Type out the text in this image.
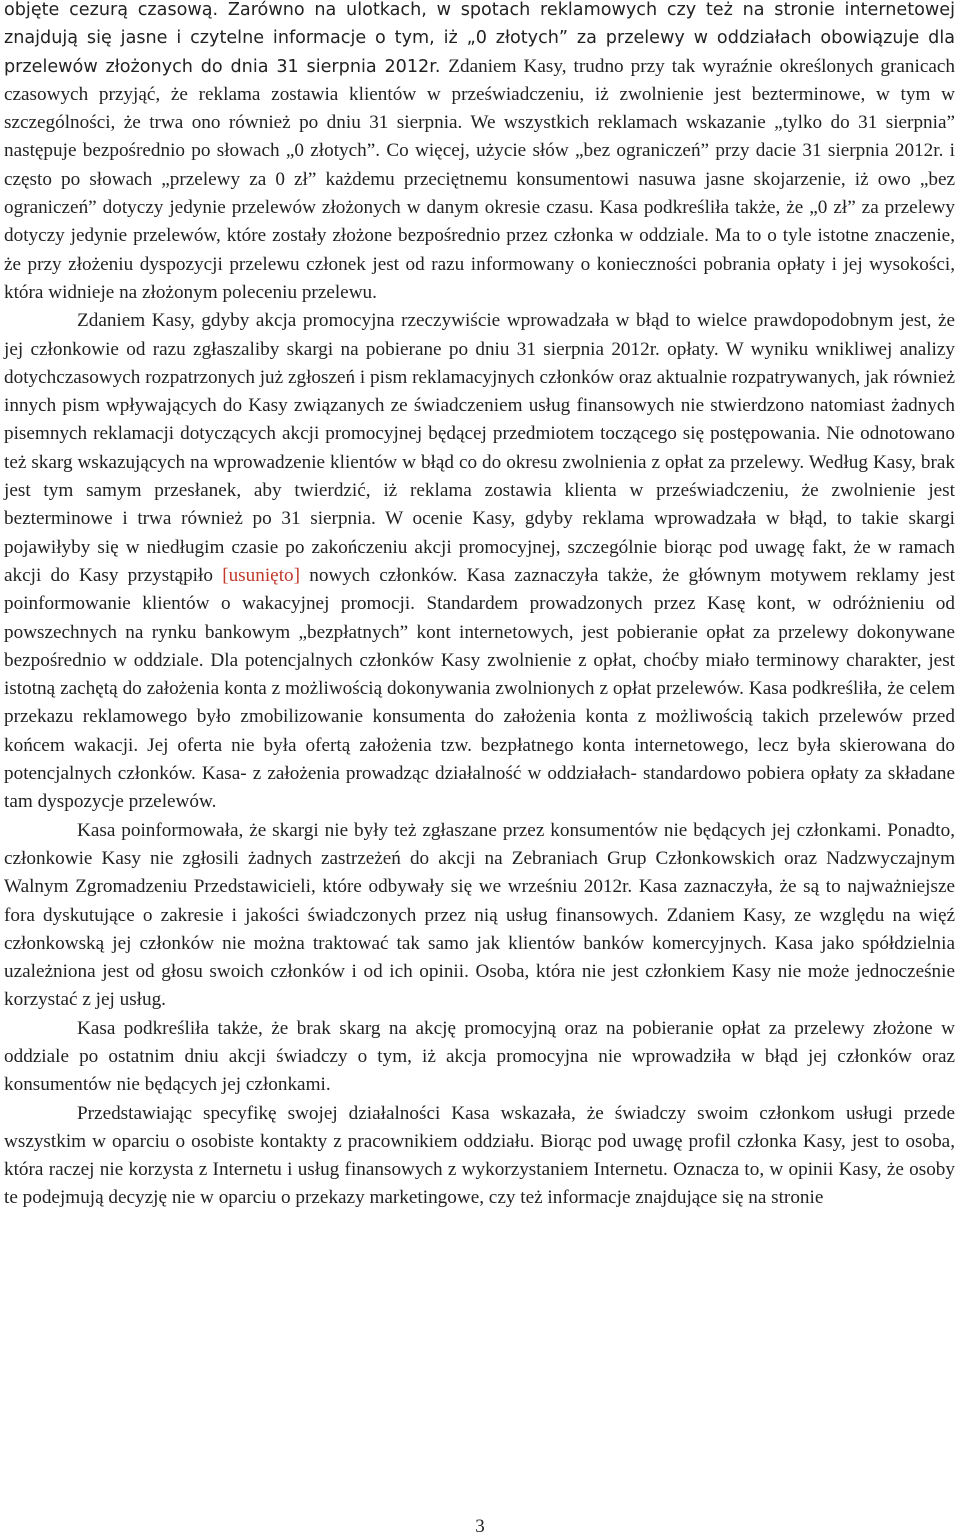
objęte cezurą czasową. Zarówno na ulotkach, w spotach reklamowych czy też na stronie internetowej znajdują się jasne i czytelne informacje o tym, iż „0 złotych” za przelewy w oddziałach obowiązuje dla przelewów złożonych do dnia 31 sierpnia 2012r. Zdaniem Kasy, trudno przy tak wyraźnie określonych granicach czasowych przyjąć, że reklama zostawia klientów w przeświadczeniu, iż zwolnienie jest bezterminowe, w tym w szczególności, że trwa ono również po dniu 31 sierpnia. We wszystkich reklamach wskazanie „tylko do 31 sierpnia” następuje bezpośrednio po słowach „0 złotych”. Co więcej, użycie słów „bez ograniczeń” przy dacie 31 sierpnia 2012r. i często po słowach „przelewy za 0 zł” każdemu przeciętnemu konsumentowi nasuwa jasne skojarzenie, iż owo „bez ograniczeń” dotyczy jedynie przelewów złożonych w danym okresie czasu. Kasa podkreśliła także, że „0 zł” za przelewy dotyczy jedynie przelewów, które zostały złożone bezpośrednio przez członka w oddziale. Ma to o tyle istotne znaczenie, że przy złożeniu dyspozycji przelewu członek jest od razu informowany o konieczności pobrania opłaty i jej wysokości, która widnieje na złożonym poleceniu przelewu.

Zdaniem Kasy, gdyby akcja promocyjna rzeczywiście wprowadzała w błąd to wielce prawdopodobnym jest, że jej członkowie od razu zgłaszaliby skargi na pobierane po dniu 31 sierpnia 2012r. opłaty. W wyniku wnikliwej analizy dotychczasowych rozpatrzonych już zgłoszeń i pism reklamacyjnych członków oraz aktualnie rozpatrywanych, jak również innych pism wpływających do Kasy związanych ze świadczeniem usług finansowych nie stwierdzono natomiast żadnych pisemnych reklamacji dotyczących akcji promocyjnej będącej przedmiotem toczącego się postępowania. Nie odnotowano też skarg wskazujących na wprowadzenie klientów w błąd co do okresu zwolnienia z opłat za przelewy. Według Kasy, brak jest tym samym przesłanek, aby twierdzić, iż reklama zostawia klienta w przeświadczeniu, że zwolnienie jest bezterminowe i trwa również po 31 sierpnia. W ocenie Kasy, gdyby reklama wprowadzała w błąd, to takie skargi pojawiłyby się w niedługim czasie po zakończeniu akcji promocyjnej, szczególnie biorąc pod uwagę fakt, że w ramach akcji do Kasy przystąpiło [usunięto] nowych członków. Kasa zaznaczyła także, że głównym motywem reklamy jest poinformowanie klientów o wakacyjnej promocji. Standardem prowadzonych przez Kasę kont, w odróżnieniu od powszechnych na rynku bankowym „bezpłatnych” kont internetowych, jest pobieranie opłat za przelewy dokonywane bezpośrednio w oddziale. Dla potencjalnych członków Kasy zwolnienie z opłat, choćby miało terminowy charakter, jest istotną zachętą do założenia konta z możliwością dokonywania zwolnionych z opłat przelewów. Kasa podkreśliła, że celem przekazu reklamowego było zmobilizowanie konsumenta do założenia konta z możliwością takich przelewów przed końcem wakacji. Jej oferta nie była ofertą założenia tzw. bezpłatnego konta internetowego, lecz była skierowana do potencjalnych członków. Kasa- z założenia prowadząc działalność w oddziałach- standardowo pobiera opłaty za składane tam dyspozycje przelewów.

Kasa poinformowała, że skargi nie były też zgłaszane przez konsumentów nie będących jej członkami. Ponadto, członkowie Kasy nie zgłosili żadnych zastrzeżeń do akcji na Zebraniach Grup Członkowskich oraz Nadzwyczajnym Walnym Zgromadzeniu Przedstawicieli, które odbywały się we wrześniu 2012r. Kasa zaznaczyła, że są to najważniejsze fora dyskutujące o zakresie i jakości świadczonych przez nią usług finansowych. Zdaniem Kasy, ze względu na więź członkowską jej członków nie można traktować tak samo jak klientów banków komercyjnych. Kasa jako spółdzielnia uzależniona jest od głosu swoich członków i od ich opinii. Osoba, która nie jest członkiem Kasy nie może jednocześnie korzystać z jej usług.

Kasa podkreśliła także, że brak skarg na akcję promocyjną oraz na pobieranie opłat za przelewy złożone w oddziale po ostatnim dniu akcji świadczy o tym, iż akcja promocyjna nie wprowadziła w błąd jej członków oraz konsumentów nie będących jej członkami.

Przedstawiając specyfikę swojej działalności Kasa wskazała, że świadczy swoim członkom usługi przede wszystkim w oparciu o osobiste kontakty z pracownikiem oddziału. Biorąc pod uwagę profil członka Kasy, jest to osoba, która raczej nie korzysta z Internetu i usług finansowych z wykorzystaniem Internetu. Oznacza to, w opinii Kasy, że osoby te podejmują decyzję nie w oparciu o przekazy marketingowe, czy też informacje znajdujące się na stronie

3
